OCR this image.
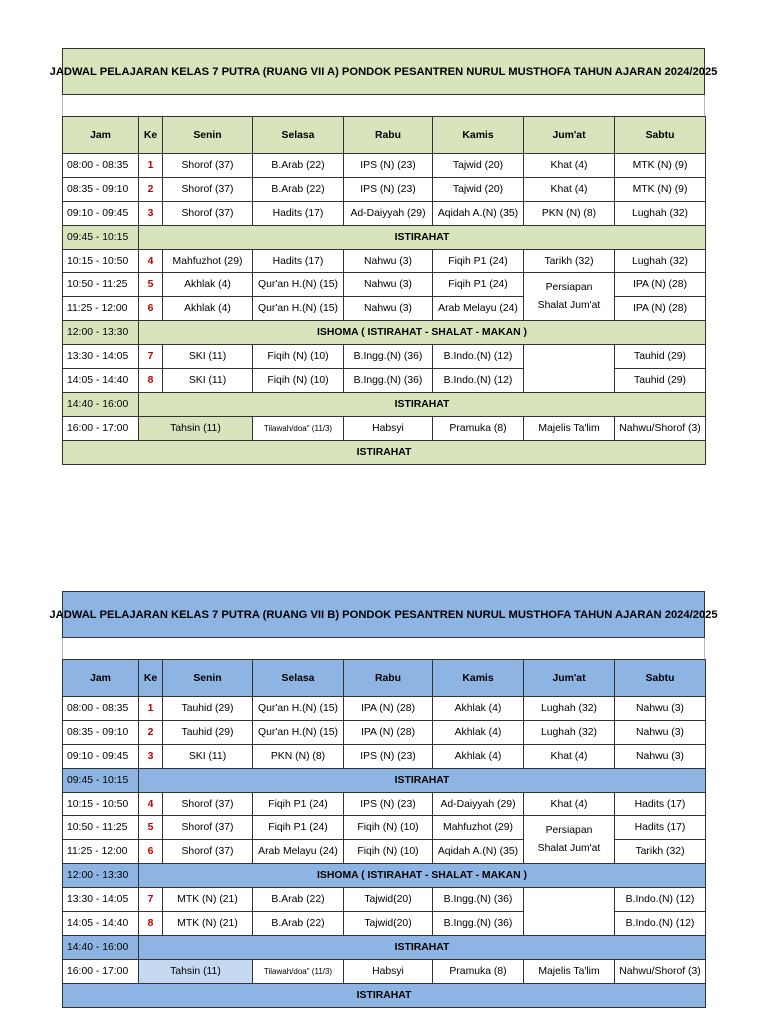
JADWAL PELAJARAN KELAS 7 PUTRA (RUANG VII A) PONDOK PESANTREN NURUL MUSTHOFA TAHUN AJARAN 2024/2025
Jam	Ke	Senin	Selasa	Rabu	Kamis	Jum'at	Sabtu
08:00 - 08:35	1	Shorof (37)	B.Arab (22)	IPS (N) (23)	Tajwid (20)	Khat (4)	MTK (N) (9)
08:35 - 09:10	2	Shorof (37)	B.Arab (22)	IPS (N) (23)	Tajwid (20)	Khat (4)	MTK (N) (9)
09:10 - 09:45	3	Shorof (37)	Hadits (17)	Ad-Daiyyah (29)	Aqidah A.(N) (35)	PKN (N) (8)	Lughah (32)
09:45 - 10:15	ISTIRAHAT						
10:15 - 10:50	4	Mahfuzhot (29)	Hadits (17)	Nahwu (3)	Fiqih P1 (24)	Tarikh (32)	Lughah (32)
10:50 - 11:25	5	Akhlak (4)	Qur'an H.(N) (15)	Nahwu (3)	Fiqih P1 (24)	Persiapan Shalat Jum'at	IPA (N) (28)
11:25 - 12:00	6	Akhlak (4)	Qur'an H.(N) (15)	Nahwu (3)	Arab Melayu (24)		IPA (N) (28)
12:00 - 13:30	ISHOMA ( ISTIRAHAT - SHALAT - MAKAN )						
13:30 - 14:05	7	SKI (11)	Fiqih (N) (10)	B.Ingg.(N) (36)	B.Indo.(N) (12)		Tauhid (29)
14:05 - 14:40	8	SKI (11)	Fiqih (N) (10)	B.Ingg.(N) (36)	B.Indo.(N) (12)		Tauhid (29)
14:40 - 16:00	ISTIRAHAT						
16:00 - 17:00	Tahsin (11)		Tilawah/doa" (11/3)	Habsyi	Pramuka (8)	Majelis Ta'lim	Nahwu/Shorof (3)
ISTIRAHAT							
JADWAL PELAJARAN KELAS 7 PUTRA (RUANG VII B) PONDOK PESANTREN NURUL MUSTHOFA TAHUN AJARAN 2024/2025
Jam	Ke	Senin	Selasa	Rabu	Kamis	Jum'at	Sabtu
08:00 - 08:35	1	Tauhid (29)	Qur'an H.(N) (15)	IPA (N) (28)	Akhlak (4)	Lughah (32)	Nahwu (3)
08:35 - 09:10	2	Tauhid (29)	Qur'an H.(N) (15)	IPA (N) (28)	Akhlak (4)	Lughah (32)	Nahwu (3)
09:10 - 09:45	3	SKI (11)	PKN (N) (8)	IPS (N) (23)	Akhlak (4)	Khat (4)	Nahwu (3)
09:45 - 10:15	ISTIRAHAT						
10:15 - 10:50	4	Shorof (37)	Fiqih P1 (24)	IPS (N) (23)	Ad-Daiyyah (29)	Khat (4)	Hadits (17)
10:50 - 11:25	5	Shorof (37)	Fiqih P1 (24)	Fiqih (N) (10)	Mahfuzhot (29)	Persiapan Shalat Jum'at	Hadits (17)
11:25 - 12:00	6	Shorof (37)	Arab Melayu (24)	Fiqih (N) (10)	Aqidah A.(N) (35)		Tarikh (32)
12:00 - 13:30	ISHOMA ( ISTIRAHAT - SHALAT - MAKAN )						
13:30 - 14:05	7	MTK (N) (21)	B.Arab (22)	Tajwid(20)	B.Ingg.(N) (36)		B.Indo.(N) (12)
14:05 - 14:40	8	MTK (N) (21)	B.Arab (22)	Tajwid(20)	B.Ingg.(N) (36)		B.Indo.(N) (12)
14:40 - 16:00	ISTIRAHAT						
16:00 - 17:00	Tahsin (11)		Tilawah/doa" (11/3)	Habsyi	Pramuka (8)	Majelis Ta'lim	Nahwu/Shorof (3)
ISTIRAHAT							
